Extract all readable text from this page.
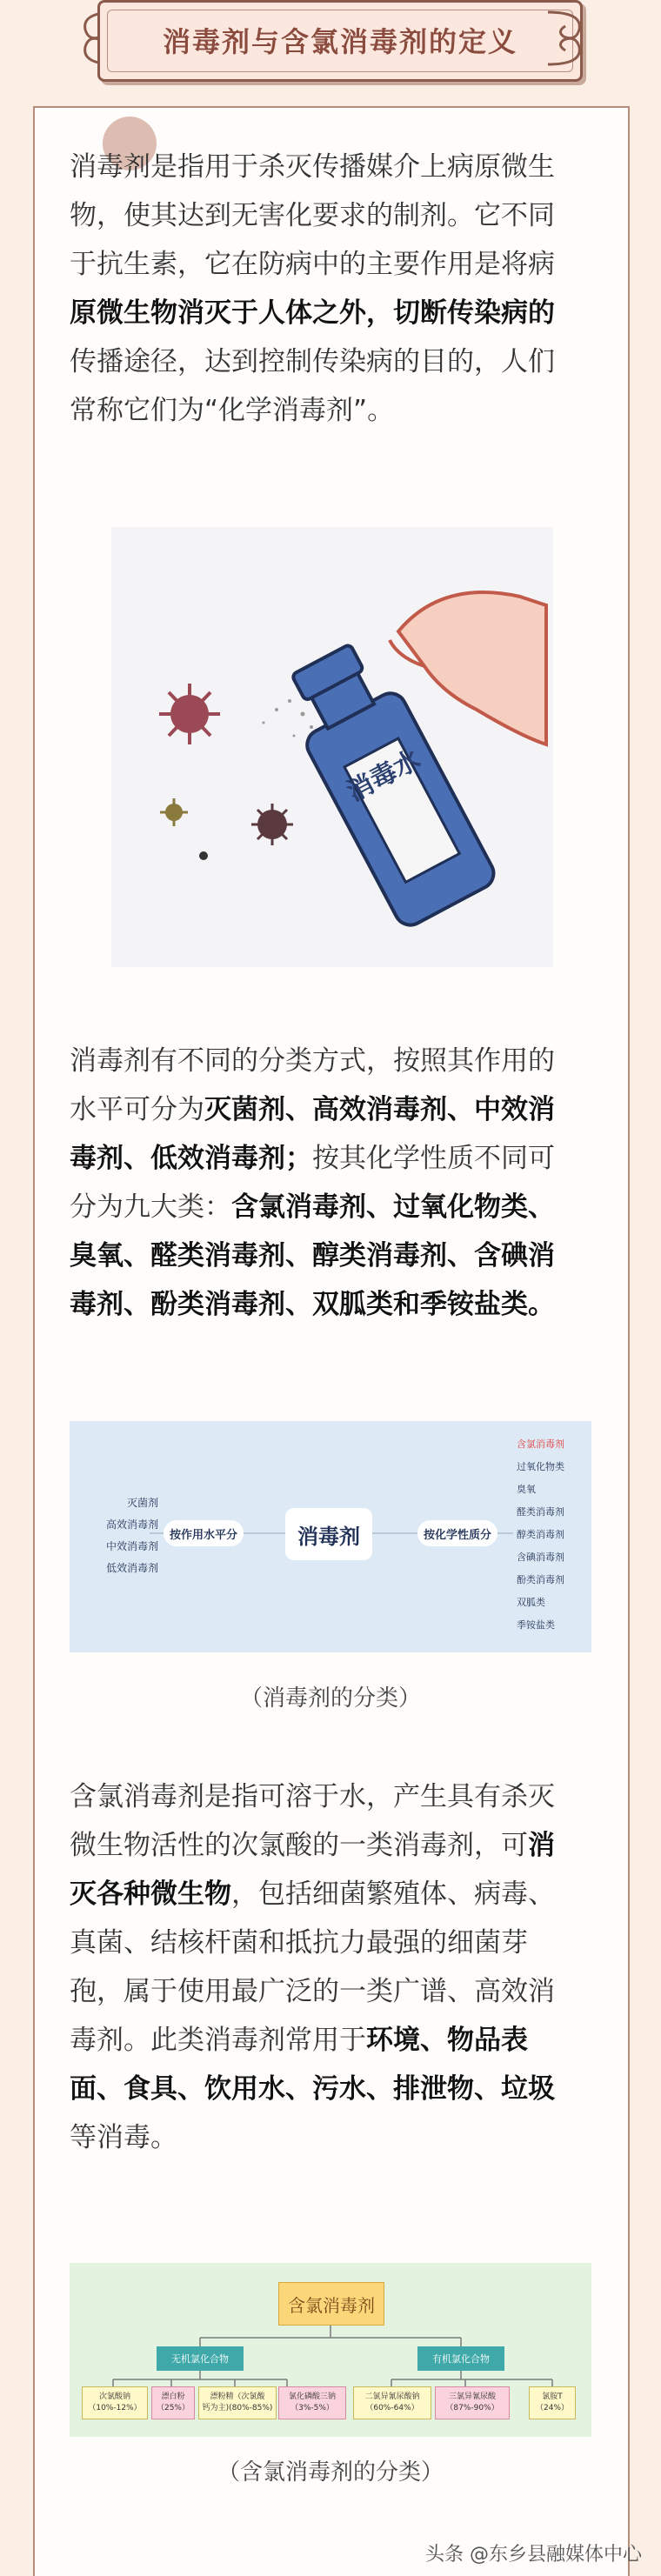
消毒剂与含氯消毒剂的定义
消毒剂是指用于杀灭传播媒介上病原微生
物，使其达到无害化要求的制剂。它不同
于抗生素，它在防病中的主要作用是将病
原微生物消灭于人体之外，切断传染病的
传播途径，达到控制传染病的目的，人们
常称它们为“化学消毒剂”。
消毒水
消毒剂有不同的分类方式，按照其作用的
水平可分为灭菌剂、高效消毒剂、中效消
毒剂、低效消毒剂；按其化学性质不同可
分为九大类：含氯消毒剂、过氧化物类、
臭氧、醛类消毒剂、醇类消毒剂、含碘消
毒剂、酚类消毒剂、双胍类和季铵盐类。
消毒剂
按作用水平分	按化学性质分
灭菌剂
高效消毒剂
中效消毒剂
低效消毒剂
含氯消毒剂
过氧化物类
臭氧
醛类消毒剂
醇类消毒剂
含碘消毒剂
酚类消毒剂
双胍类
季铵盐类
（消毒剂的分类）
含氯消毒剂是指可溶于水，产生具有杀灭
微生物活性的次氯酸的一类消毒剂，可消
灭各种微生物，包括细菌繁殖体、病毒、
真菌、结核杆菌和抵抗力最强的细菌芽
孢，属于使用最广泛的一类广谱、高效消
毒剂。此类消毒剂常用于环境、物品表
面、食具、饮用水、污水、排泄物、垃圾
等消毒。
含氯消毒剂
无机氯化合物	有机氯化合物
次氯酸钠
（10%-12%）
漂白粉
（25%）
漂粉精（次氯酸
钙为主)(80%-85%)
氯化磷酸三钠
（3%-5%）
二氯异氰尿酸钠
（60%-64%）
三氯异氰尿酸
（87%-90%）
氯胺T
（24%）
（含氯消毒剂的分类）
头条 @东乡县融媒体中心
